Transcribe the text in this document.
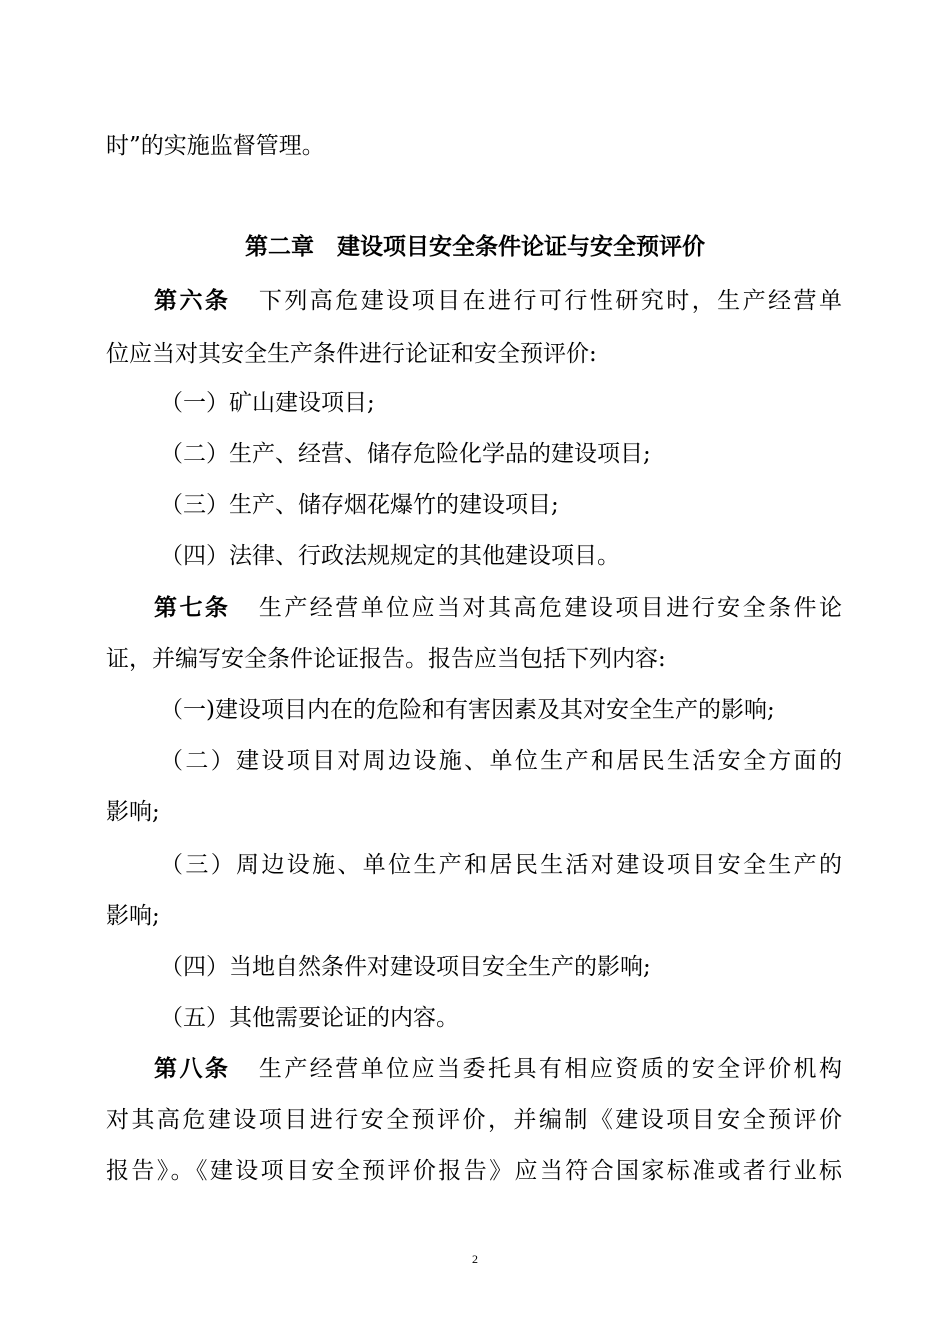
时”的实施监督管理。
第二章　建设项目安全条件论证与安全预评价
第六条 下列高危建设项目在进行可行性研究时，生产经营单
位应当对其安全生产条件进行论证和安全预评价:
（一）矿山建设项目;
（二）生产、经营、储存危险化学品的建设项目;
（三）生产、储存烟花爆竹的建设项目;
（四）法律、行政法规规定的其他建设项目。
第七条 生产经营单位应当对其高危建设项目进行安全条件论
证，并编写安全条件论证报告。报告应当包括下列内容:
（一)建设项目内在的危险和有害因素及其对安全生产的影响;
（二）建设项目对周边设施、单位生产和居民生活安全方面的
影响;
（三）周边设施、单位生产和居民生活对建设项目安全生产的
影响;
（四）当地自然条件对建设项目安全生产的影响;
（五）其他需要论证的内容。
第八条 生产经营单位应当委托具有相应资质的安全评价机构
对其高危建设项目进行安全预评价，并编制《建设项目安全预评价
报告》。《建设项目安全预评价报告》应当符合国家标准或者行业标
2
